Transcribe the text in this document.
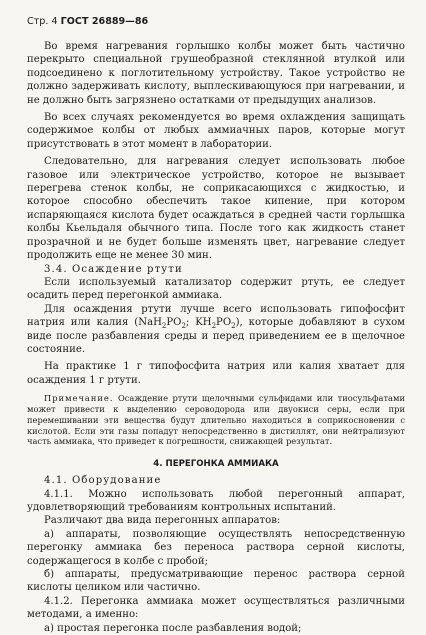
Стр. 4 ГОСТ 26889—86

Во время нагревания горлышко колбы может быть частично перекрыто специальной грушеобразной стеклянной втулкой или подсоединено к поглотительному устройству. Такое устройство не должно задерживать кислоту, выплескивающуюся при нагревании, и не должно быть загрязнено остатками от предыдущих анализов.

Во всех случаях рекомендуется во время охлаждения защищать содержимое колбы от любых аммиачных паров, которые могут присутствовать в этот момент в лаборатории.

Следовательно, для нагревания следует использовать любое газовое или электрическое устройство, которое не вызывает перегрева стенок колбы, не соприкасающихся с жидкостью, и которое способно обеспечить такое кипение, при котором испаряющаяся кислота будет осаждаться в средней части горлышка колбы Кьельдаля обычного типа. После того как жидкость станет прозрачной и не будет больше изменять цвет, нагревание следует продолжить еще не менее 30 мин.

3.4. Осаждение ртути

Если используемый катализатор содержит ртуть, ее следует осадить перед перегонкой аммиака.

Для осаждения ртути лучше всего использовать гипофосфит натрия или калия ($NaH_2PO_2$; $KH_2PO_2$), которые добавляют в сухом виде после разбавления среды и перед приведением ее в щелочное состояние.

На практике 1 г типофосфита натрия или калия хватает для осаждения 1 г ртути.

Примечание. Осаждение ртути щелочными сульфидами или тиосульфатами может привести к выделению сероводорода или двуокиси серы, если при перемешивании эти вещества будут длительно находиться в соприкосновении с кислотой. Если эти газы попадут непосредственно в дистиллят, они нейтрализуют часть аммиака, что приведет к погрешности, снижающей результат.

4. ПЕРЕГОНКА АММИАКА

4.1. Оборудование

4.1.1. Можно использовать любой перегонный аппарат, удовлетворяющий требованиям контрольных испытаний.

Различают два вида перегонных аппаратов:

а) аппараты, позволяющие осуществлять непосредственную перегонку аммиака без переноса раствора серной кислоты, содержащегося в колбе с пробой;

б) аппараты, предусматривающие перенос раствора серной кислоты целиком или частично.

4.1.2. Перегонка аммиака может осуществляться различными методами, а именно:

а) простая перегонка после разбавления водой;
